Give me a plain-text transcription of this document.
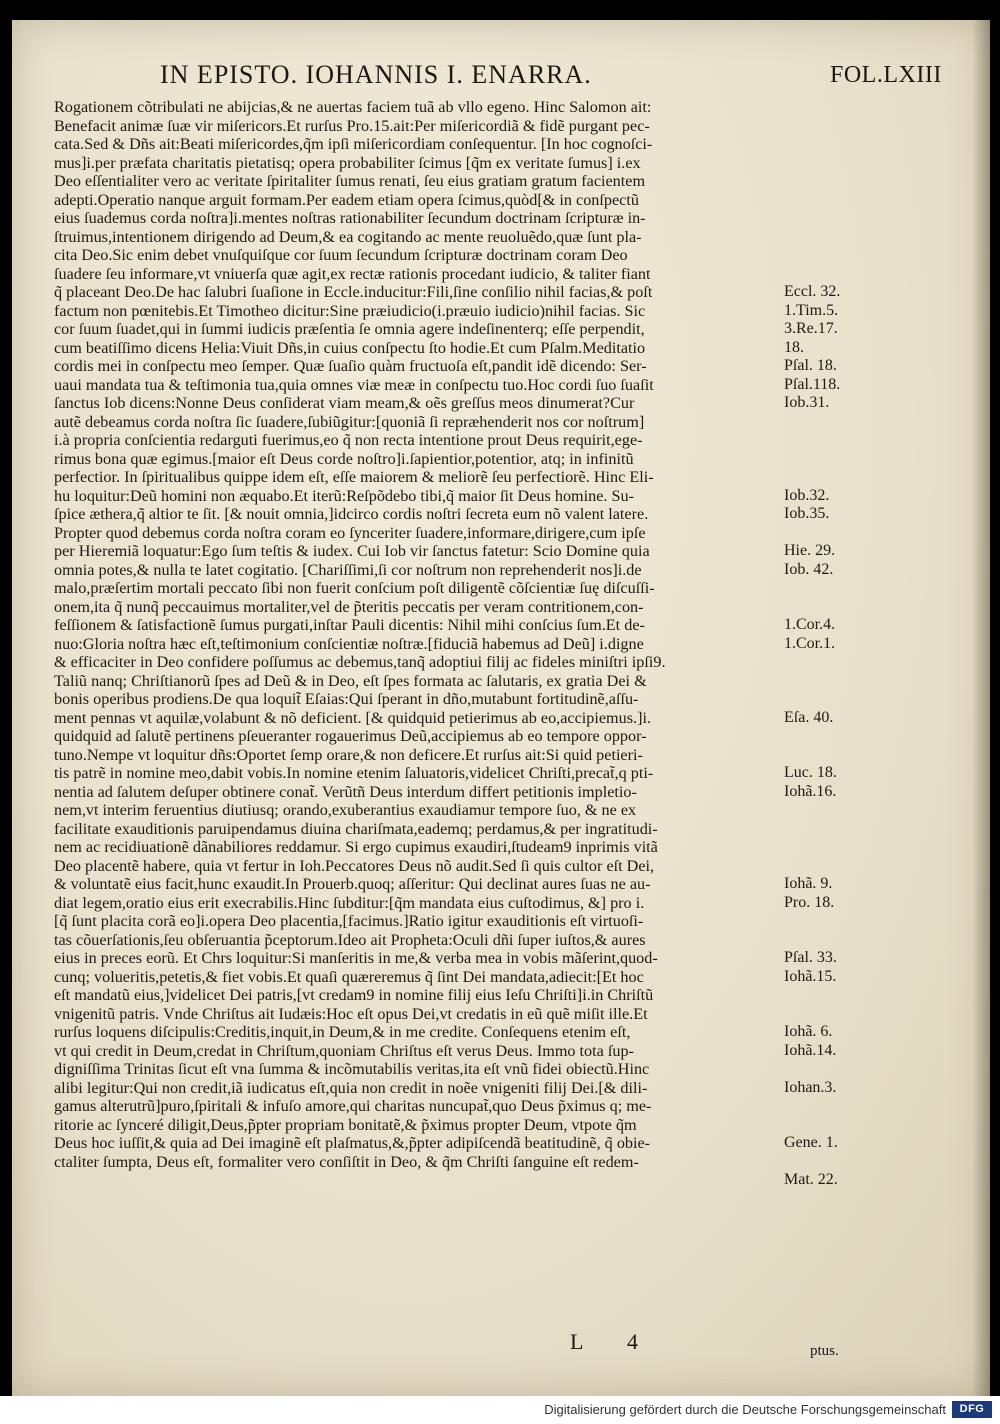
IN EPISTO. IOHANNIS I. ENARRA.	FOL.LXIII
Rogationem cõtribulati ne abijcias,& ne auertas faciem tuã ab vllo egeno. Hinc Salomon ait:
Benefacit animæ ſuæ vir miſericors.Et rurſus Pro.15.ait:Per miſericordiã & fidẽ purgant pec-
cata.Sed & Dñs ait:Beati miſericordes,q̃m ipſi miſericordiam conſequentur. [In hoc cognoſci-
mus]i.per præfata charitatis pietatisq; opera probabiliter ſcimus [q̃m ex veritate ſumus] i.ex
Deo eſſentialiter vero ac veritate ſpiritaliter ſumus renati, ſeu eius gratiam gratum facientem
adepti.Operatio nanque arguit formam.Per eadem etiam opera ſcimus,quòd[& in conſpectũ
eius ſuademus corda noſtra]i.mentes noſtras rationabiliter ſecundum doctrinam ſcripturæ in-
ſtruimus,intentionem dirigendo ad Deum,& ea cogitando ac mente reuoluẽdo,quæ ſunt pla-
cita Deo.Sic enim debet vnuſquiſque cor ſuum ſecundum ſcripturæ doctrinam coram Deo
ſuadere ſeu informare,vt vniuerſa quæ agit,ex rectæ rationis procedant iudicio, & taliter fiant
q̃ placeant Deo.De hac ſalubri ſuaſione in Eccle.inducitur:Fili,ſine conſilio nihil facias,& poſt
factum non pœnitebis.Et Timotheo dicitur:Sine præiudicio(i.præuio iudicio)nihil facias. Sic
cor ſuum ſuadet,qui in ſummi iudicis præſentia ſe omnia agere indeſinenterq; eſſe perpendit,
cum beatiſſimo dicens Helia:Viuit Dñs,in cuius conſpectu ſto hodie.Et cum Pſalm.Meditatio
cordis mei in conſpectu meo ſemper. Quæ ſuaſio quàm fructuoſa eſt,pandit idẽ dicendo: Ser-
uaui mandata tua & teſtimonia tua,quia omnes viæ meæ in conſpectu tuo.Hoc cordi ſuo ſuaſit
ſanctus Iob dicens:Nonne Deus conſiderat viam meam,& oẽs greſſus meos dinumerat?Cur
autẽ debeamus corda noſtra ſic ſuadere,ſubiũgitur:[quoniã ſi repræhenderit nos cor noſtrum]
i.à propria conſcientia redarguti fuerimus,eo q̃ non recta intentione prout Deus requirit,ege-
rimus bona quæ egimus.[maior eſt Deus corde noſtro]i.ſapientior,potentior, atq; in infinitũ
perfectior. In ſpiritualibus quippe idem eſt, eſſe maiorem & meliorẽ ſeu perfectiorẽ. Hinc Eli-
hu loquitur:Deũ homini non æquabo.Et iterũ:Reſpõdebo tibi,q̃ maior ſit Deus homine. Su-
ſpice æthera,q̃ altior te ſit. [& nouit omnia,]idcirco cordis noſtri ſecreta eum nõ valent latere.
Propter quod debemus corda noſtra coram eo ſynceriter ſuadere,informare,dirigere,cum ipſe
per Hieremiã loquatur:Ego ſum teſtis & iudex. Cui Iob vir ſanctus fatetur: Scio Domine quia
omnia potes,& nulla te latet cogitatio. [Chariſſimi,ſi cor noſtrum non reprehenderit nos]i.de
malo,præſertim mortali peccato ſibi non fuerit conſcium poſt diligentẽ cõſcientiæ ſuę diſcuſſi-
onem,ita q̃ nunq̃ peccauimus mortaliter,vel de p̃teritis peccatis per veram contritionem,con-
feſſionem & ſatisfactionẽ ſumus purgati,inſtar Pauli dicentis: Nihil mihi conſcius ſum.Et de-
nuo:Gloria noſtra hæc eſt,teſtimonium conſcientiæ noſtræ.[fiduciã habemus ad Deũ] i.digne
& efficaciter in Deo confidere poſſumus ac debemus,tanq̃ adoptiui filij ac fideles miniſtri ipſi9.
Taliũ nanq; Chriſtianorũ ſpes ad Deũ & in Deo, eſt ſpes formata ac ſalutaris, ex gratia Dei &
bonis operibus prodiens.De qua loquit̃ Eſaias:Qui ſperant in dño,mutabunt fortitudinẽ,aſſu-
ment pennas vt aquilæ,volabunt & nõ deficient. [& quidquid petierimus ab eo,accipiemus.]i.
quidquid ad ſalutẽ pertinens pſeueranter rogauerimus Deũ,accipiemus ab eo tempore oppor-
tuno.Nempe vt loquitur dñs:Oportet ſemp orare,& non deficere.Et rurſus ait:Si quid petieri-
tis patrẽ in nomine meo,dabit vobis.In nomine etenim ſaluatoris,videlicet Chriſti,precat̃,q pti-
nentia ad ſalutem deſuper obtinere conat̃. Verũtñ Deus interdum differt petitionis impletio-
nem,vt interim feruentius diutiusq; orando,exuberantius exaudiamur tempore ſuo, & ne ex
facilitate exauditionis paruipendamus diuina chariſmata,eademq; perdamus,& per ingratitudi-
nem ac recidiuationẽ dãnabiliores reddamur. Si ergo cupimus exaudiri,ſtudeam9 inprimis vitã
Deo placentẽ habere, quia vt fertur in Ioh.Peccatores Deus nõ audit.Sed ſi quis cultor eſt Dei,
& voluntatẽ eius facit,hunc exaudit.In Prouerb.quoq; aſſeritur: Qui declinat aures ſuas ne au-
diat legem,oratio eius erit execrabilis.Hinc ſubditur:[q̃m mandata eius cuſtodimus, &] pro i.
[q̃ ſunt placita corã eo]i.opera Deo placentia,[facimus.]Ratio igitur exauditionis eſt virtuoſi-
tas cõuerſationis,ſeu obſeruantia p̃ceptorum.Ideo ait Propheta:Oculi dñi ſuper iuſtos,& aures
eius in preces eorũ. Et Chrs loquitur:Si manſeritis in me,& verba mea in vobis mãſerint,quod-
cunq; volueritis,petetis,& fiet vobis.Et quaſi quæreremus q̃ ſint Dei mandata,adiecit:[Et hoc
eſt mandatũ eius,]videlicet Dei patris,[vt credam9 in nomine filij eius Ieſu Chriſti]i.in Chriſtũ
vnigenitũ patris. Vnde Chriſtus ait Iudæis:Hoc eſt opus Dei,vt credatis in eũ quẽ miſit ille.Et
rurſus loquens diſcipulis:Creditis,inquit,in Deum,& in me credite. Conſequens etenim eſt,
vt qui credit in Deum,credat in Chriſtum,quoniam Chriſtus eſt verus Deus. Immo tota ſup-
digniſſima Trinitas ſicut eſt vna ſumma & incõmutabilis veritas,ita eſt vnũ fidei obiectũ.Hinc
alibi legitur:Qui non credit,iã iudicatus eſt,quia non credit in noẽe vnigeniti filij Dei.[& dili-
gamus alterutrũ]puro,ſpiritali & infuſo amore,qui charitas nuncupat̃,quo Deus p̃ximus q; me-
ritorie ac ſynceré diligit,Deus,p̃pter propriam bonitatẽ,& p̃ximus propter Deum, vtpote q̃m
Deus hoc iuſſit,& quia ad Dei imaginẽ eſt plaſmatus,&,p̃pter adipiſcendã beatitudinẽ, q̃ obie-
ctaliter ſumpta, Deus eſt, formaliter vero conſiſtit in Deo, & q̃m Chriſti ſanguine eſt redem-
Eccl. 32.
1.Tim.5.
3.Re.17.
18.
Pſal. 18.
Pſal.118.
Iob.31.
Iob.32.
Iob.35.
Hie. 29.
Iob. 42.
1.Cor.4.
1.Cor.1.
Eſa. 40.
Luc. 18.
Iohã.16.
Iohã. 9.
Pro. 18.
Pſal. 33.
Iohã.15.
Iohã. 6.
Iohã.14.
Iohan.3.
Gene. 1.
Mat. 22.
L 4	ptus.
Digitalisierung gefördert durch die Deutsche Forschungsgemeinschaft	DFG
